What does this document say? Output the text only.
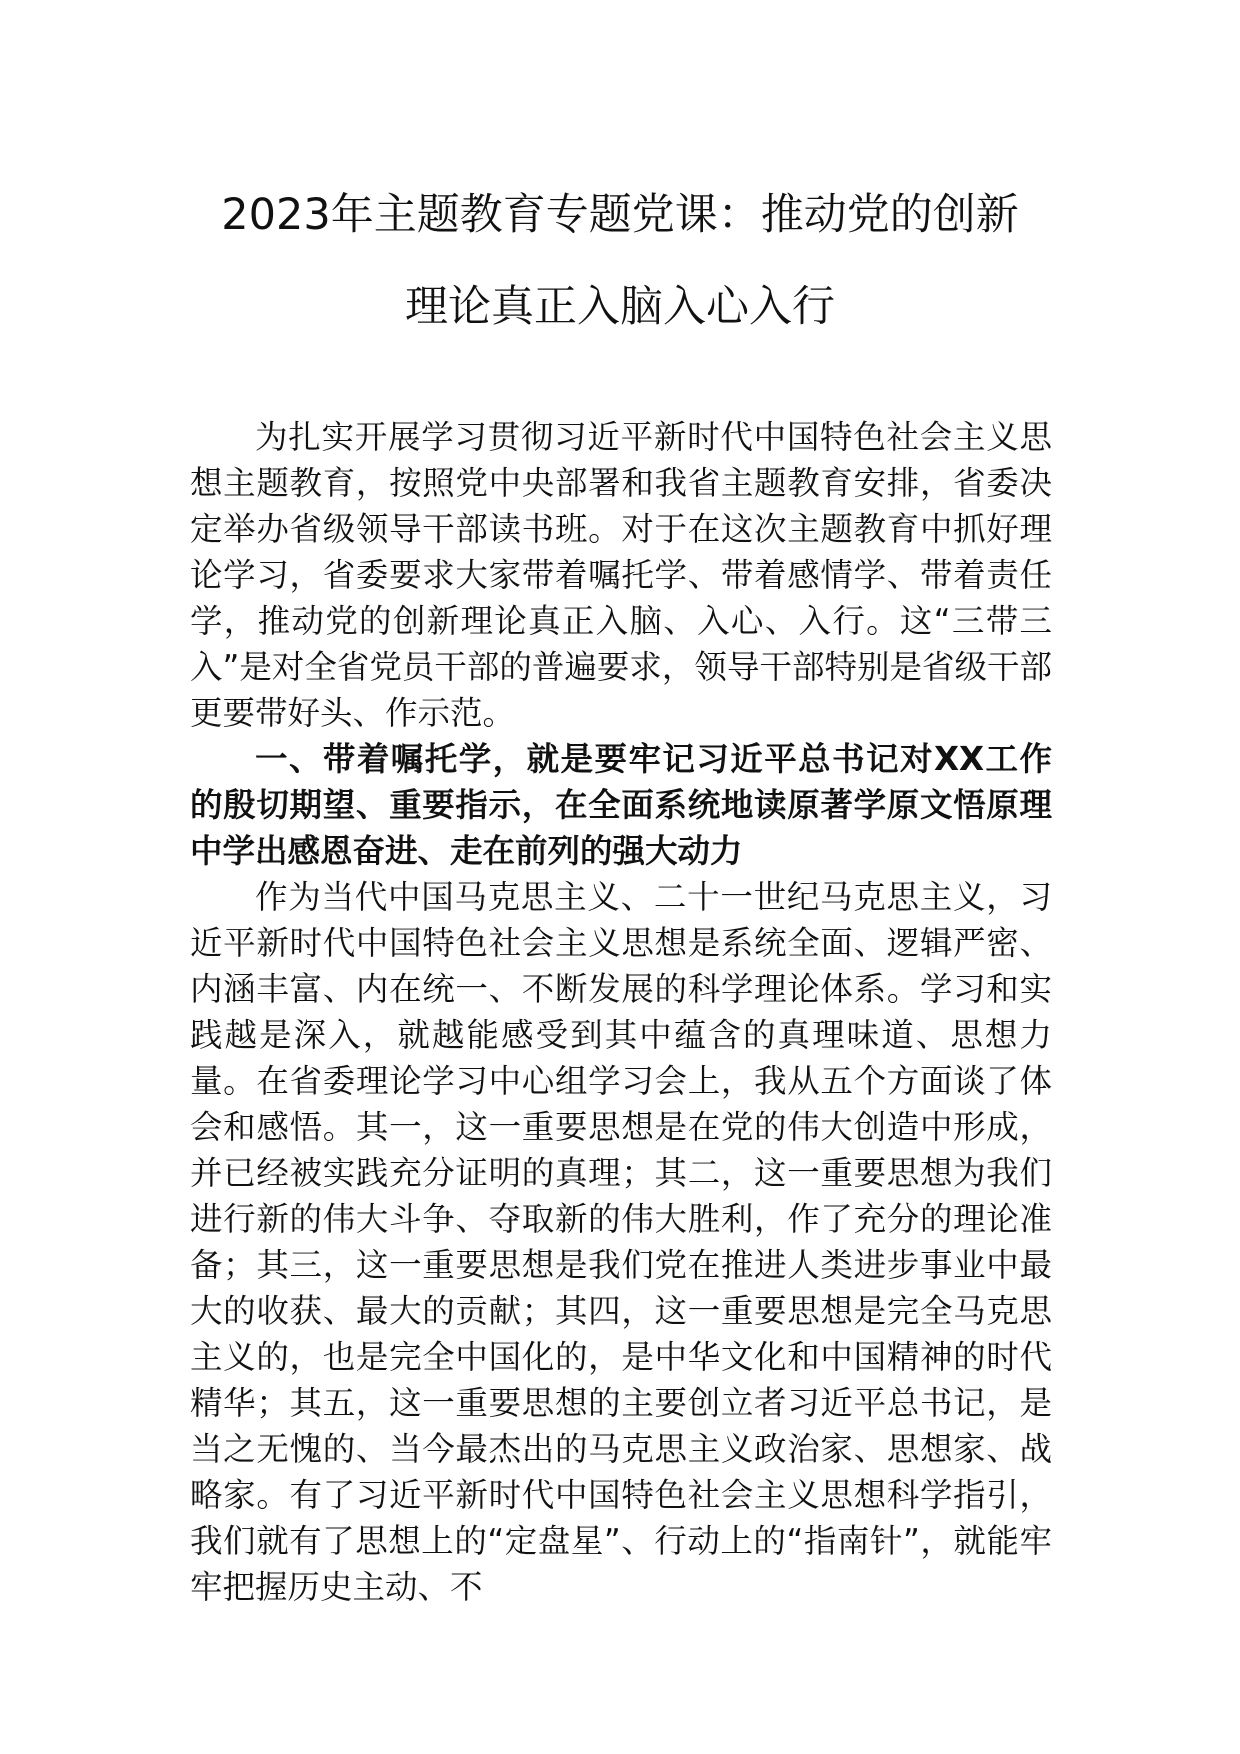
2023年主题教育专题党课：推动党的创新
理论真正入脑入心入行

为扎实开展学习贯彻习近平新时代中国特色社会主义思想主题教育，按照党中央部署和我省主题教育安排，省委决定举办省级领导干部读书班。对于在这次主题教育中抓好理论学习，省委要求大家带着嘱托学、带着感情学、带着责任学，推动党的创新理论真正入脑、入心、入行。这“三带三入”是对全省党员干部的普遍要求，领导干部特别是省级干部更要带好头、作示范。

一、带着嘱托学，就是要牢记习近平总书记对XX工作的殷切期望、重要指示，在全面系统地读原著学原文悟原理中学出感恩奋进、走在前列的强大动力

作为当代中国马克思主义、二十一世纪马克思主义，习近平新时代中国特色社会主义思想是系统全面、逻辑严密、内涵丰富、内在统一、不断发展的科学理论体系。学习和实践越是深入，就越能感受到其中蕴含的真理味道、思想力量。在省委理论学习中心组学习会上，我从五个方面谈了体会和感悟。其一，这一重要思想是在党的伟大创造中形成，并已经被实践充分证明的真理；其二，这一重要思想为我们进行新的伟大斗争、夺取新的伟大胜利，作了充分的理论准备；其三，这一重要思想是我们党在推进人类进步事业中最大的收获、最大的贡献；其四，这一重要思想是完全马克思主义的，也是完全中国化的，是中华文化和中国精神的时代精华；其五，这一重要思想的主要创立者习近平总书记，是当之无愧的、当今最杰出的马克思主义政治家、思想家、战略家。有了习近平新时代中国特色社会主义思想科学指引，我们就有了思想上的“定盘星”、行动上的“指南针”，就能牢牢把握历史主动、不
